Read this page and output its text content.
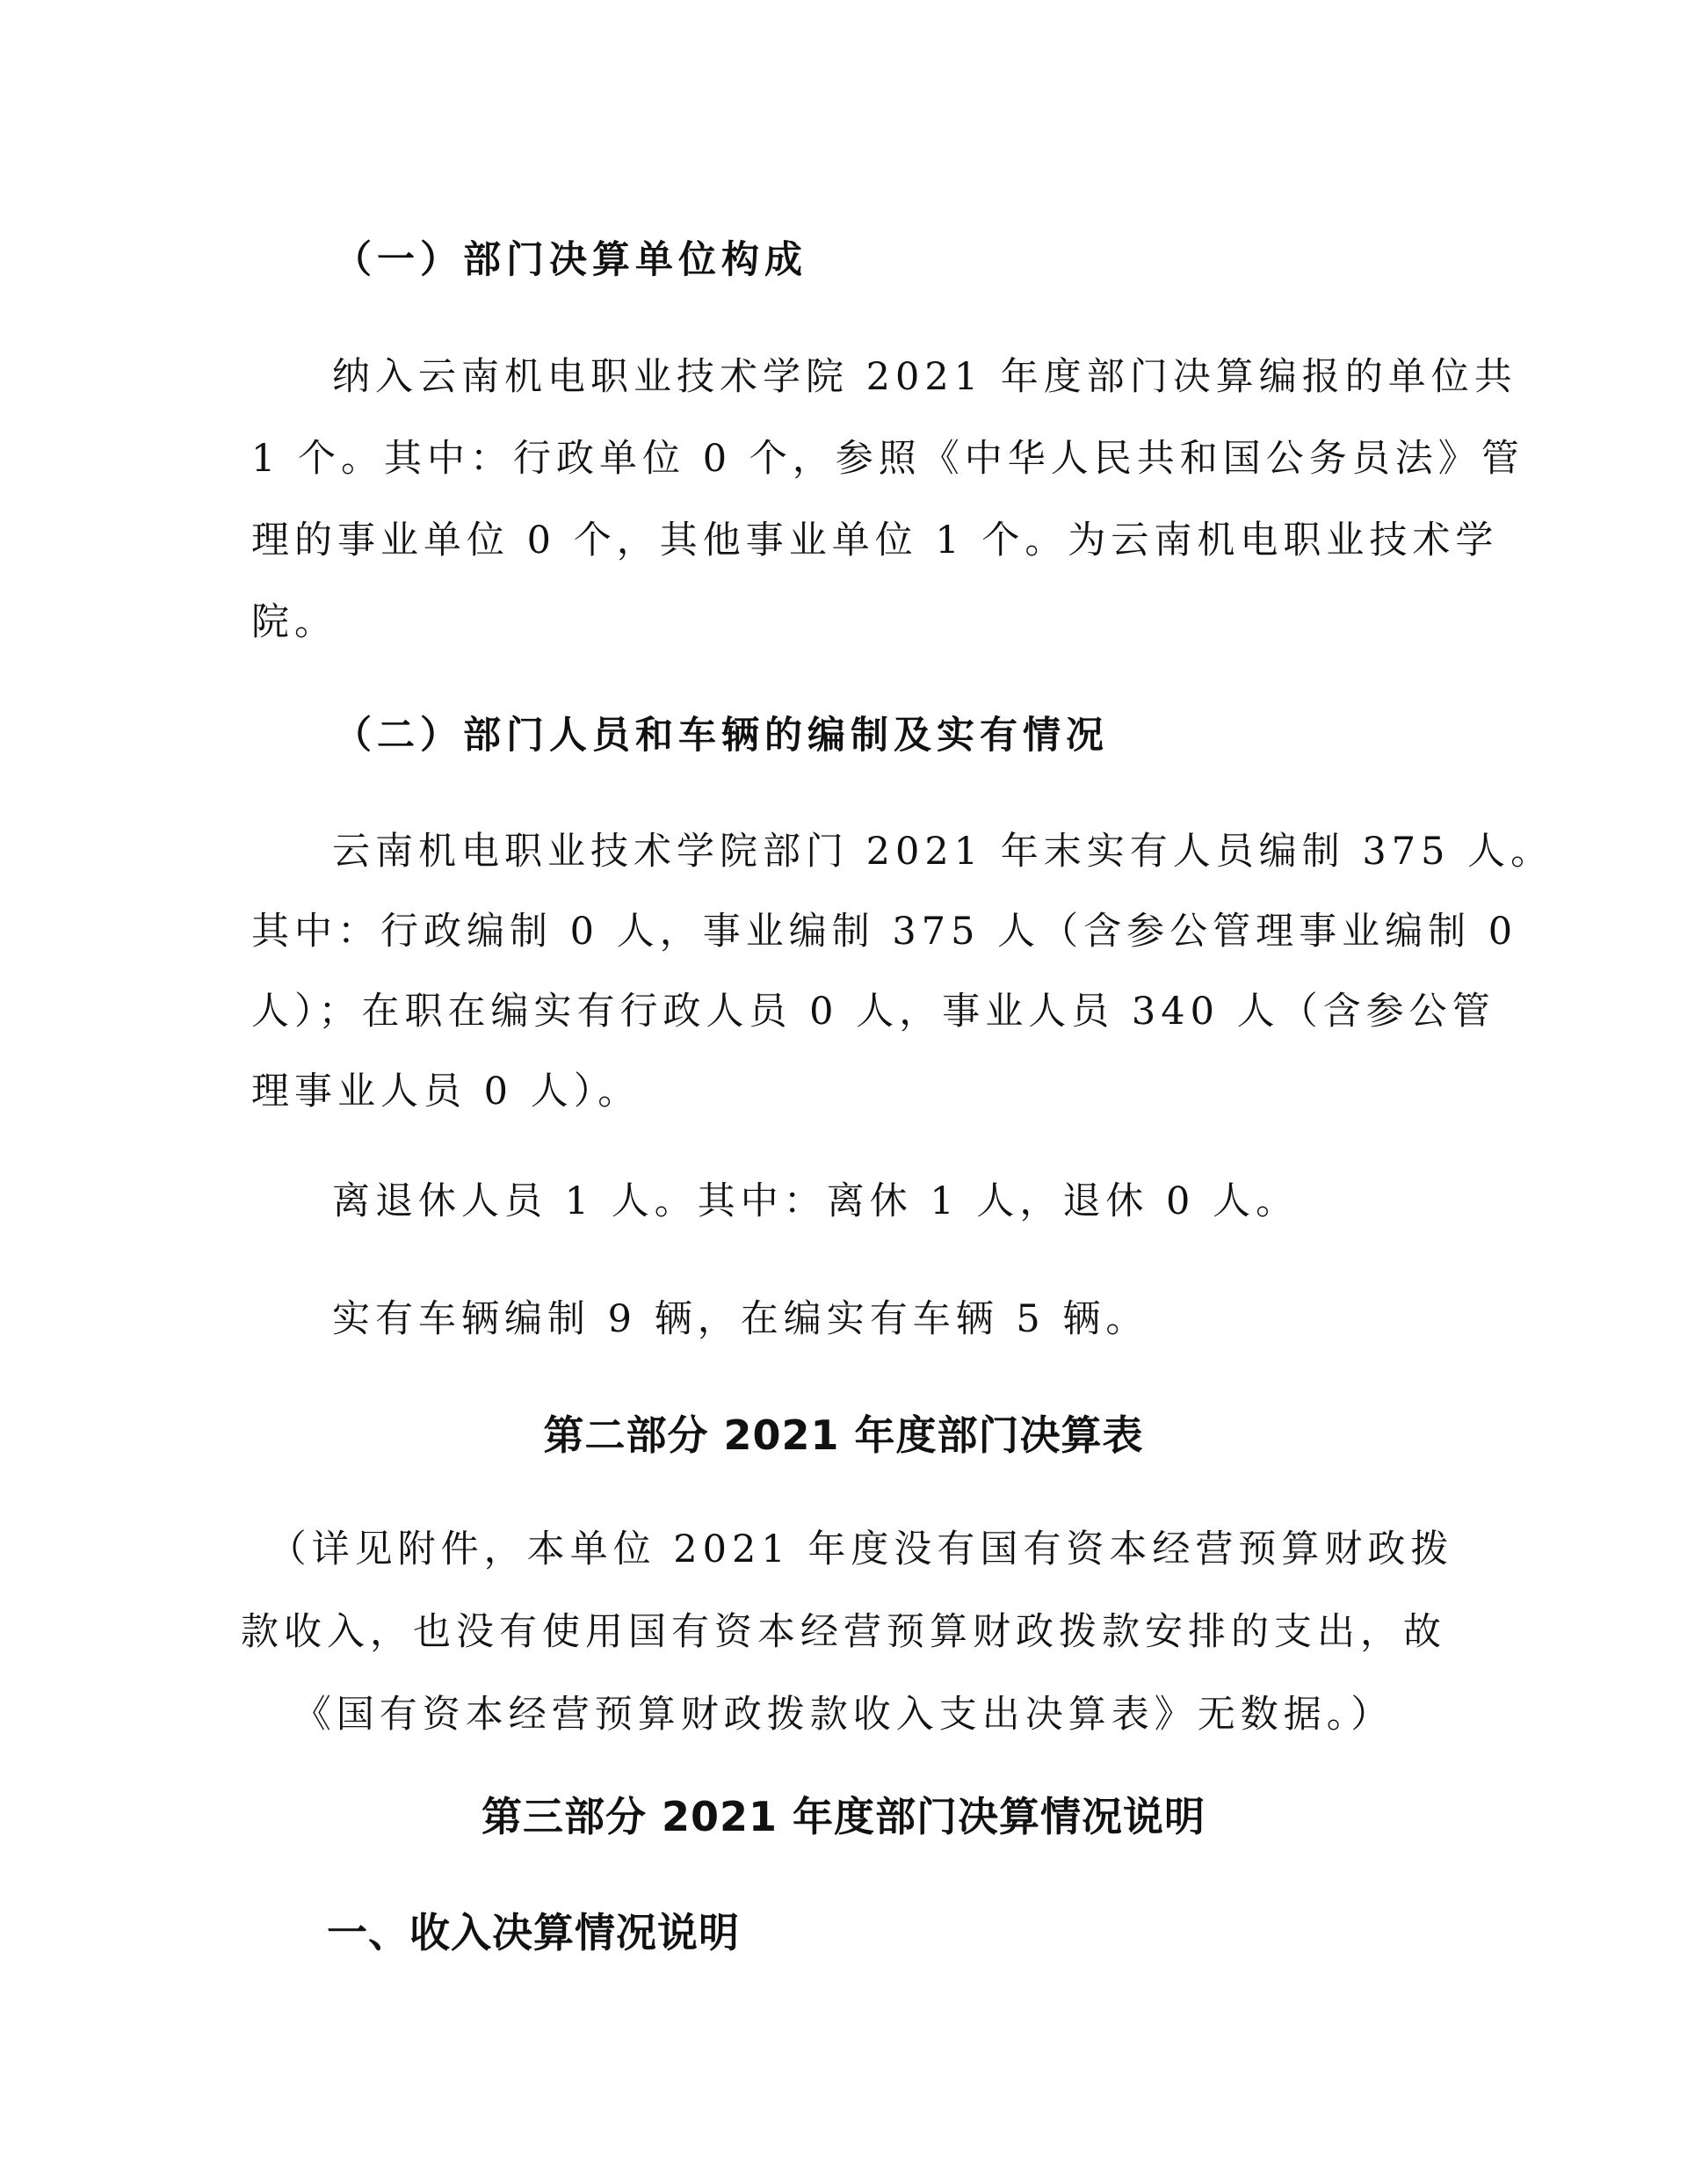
（一）部门决算单位构成
纳入云南机电职业技术学院 2021 年度部门决算编报的单位共
1 个。其中：行政单位 0 个，参照《中华人民共和国公务员法》管
理的事业单位 0 个，其他事业单位 1 个。为云南机电职业技术学
院。
（二）部门人员和车辆的编制及实有情况
云南机电职业技术学院部门 2021 年末实有人员编制 375 人。
其中：行政编制 0 人，事业编制 375 人（含参公管理事业编制 0
人）；在职在编实有行政人员 0 人，事业人员 340 人（含参公管
理事业人员 0 人）。

离退休人员 1 人。其中：离休 1 人，退休 0 人。

实有车辆编制 9 辆，在编实有车辆 5 辆。

第二部分 2021 年度部门决算表
（详见附件，本单位 2021 年度没有国有资本经营预算财政拨
款收入，也没有使用国有资本经营预算财政拨款安排的支出，故
《国有资本经营预算财政拨款收入支出决算表》无数据。）
第三部分 2021 年度部门决算情况说明
一、收入决算情况说明
